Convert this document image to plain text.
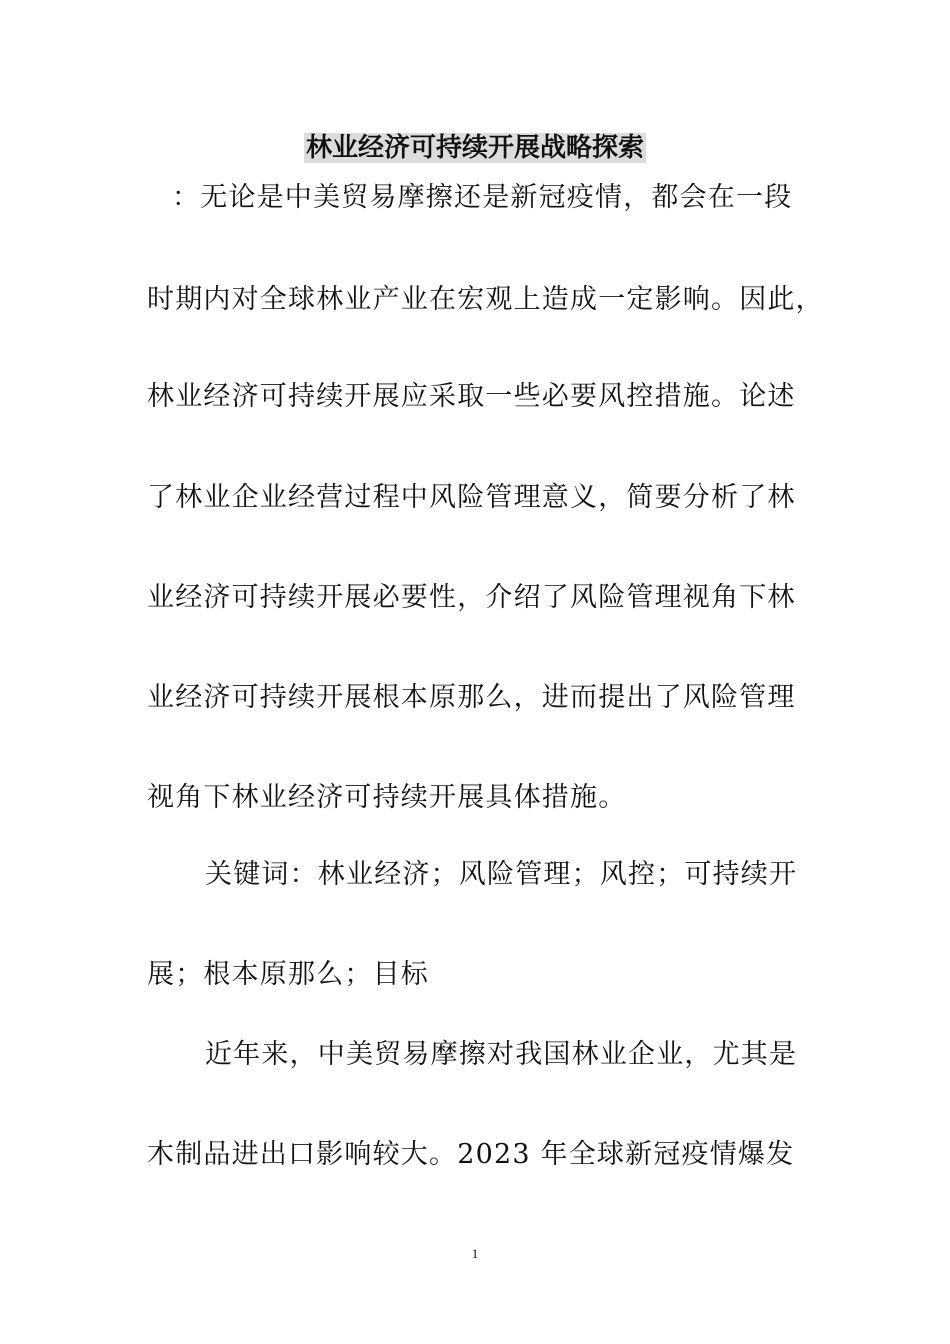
林业经济可持续开展战略探索
：无论是中美贸易摩擦还是新冠疫情，都会在一段
时期内对全球林业产业在宏观上造成一定影响。因此，
林业经济可持续开展应采取一些必要风控措施。论述
了林业企业经营过程中风险管理意义，简要分析了林
业经济可持续开展必要性，介绍了风险管理视角下林
业经济可持续开展根本原那么，进而提出了风险管理
视角下林业经济可持续开展具体措施。
关键词：林业经济；风险管理；风控；可持续开
展；根本原那么；目标
近年来，中美贸易摩擦对我国林业企业，尤其是
木制品进出口影响较大。2023 年全球新冠疫情爆发
1
